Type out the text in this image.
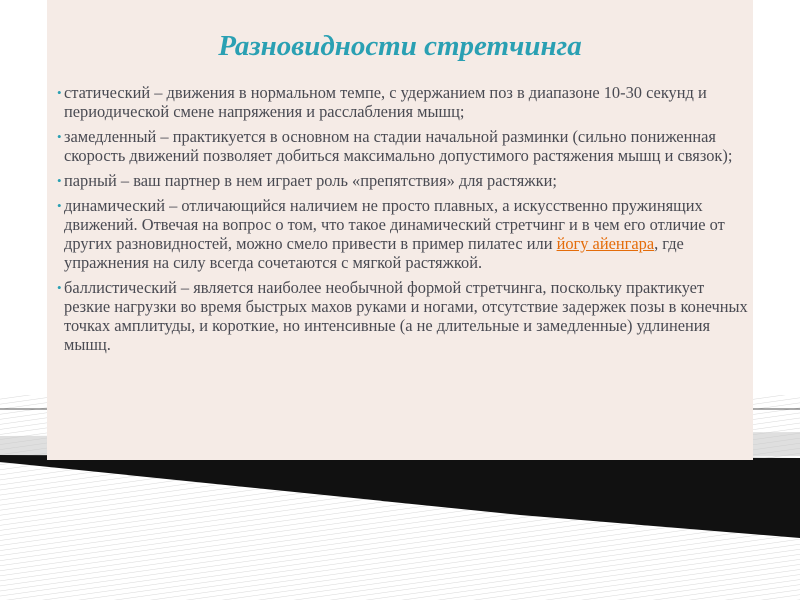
Разновидности стретчинга
• статический – движения в нормальном темпе, с удержанием поз в диапазоне 10-30 секунд и периодической смене напряжения и расслабления мышц;
• замедленный – практикуется в основном на стадии начальной разминки (сильно пониженная скорость движений позволяет добиться максимально допустимого растяжения мышц и связок);
• парный – ваш партнер в нем играет роль «препятствия» для растяжки;
• динамический – отличающийся наличием не просто плавных, а искусственно пружинящих движений. Отвечая на вопрос о том, что такое динамический стретчинг и в чем его отличие от других разновидностей, можно смело привести в пример пилатес или йогу айенгара, где упражнения на силу всегда сочетаются с мягкой растяжкой.
• баллистический – является наиболее необычной формой стретчинга, поскольку практикует резкие нагрузки во время быстрых махов руками и ногами, отсутствие задержек позы в конечных точках амплитуды, и короткие, но интенсивные (а не длительные и замедленные) удлинения мышц.
